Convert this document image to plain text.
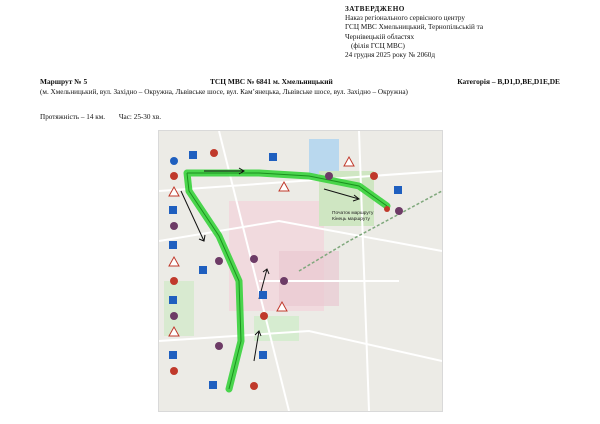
ЗАТВЕРДЖЕНО
Наказ регіонального сервісного центру
ГСЦ МВС Хмельницький, Тернопільській та
Чернівецькій областях
(філія ГСЦ МВС)
24 грудня 2025 року № 2060д
Маршрут № 5	ТСЦ МВС № 6841 м. Хмельницький	Категорія – B,D1,D,BE,D1E,DE
(м. Хмельницький, вул. Західно – Окружна, Львівське шосе, вул. Кам’янецька, Львівське шосе, вул. Західно – Окружна)
Протяжність – 14 км. Час: 25-30 хв.
Початок маршруту
Кінець маршруту
